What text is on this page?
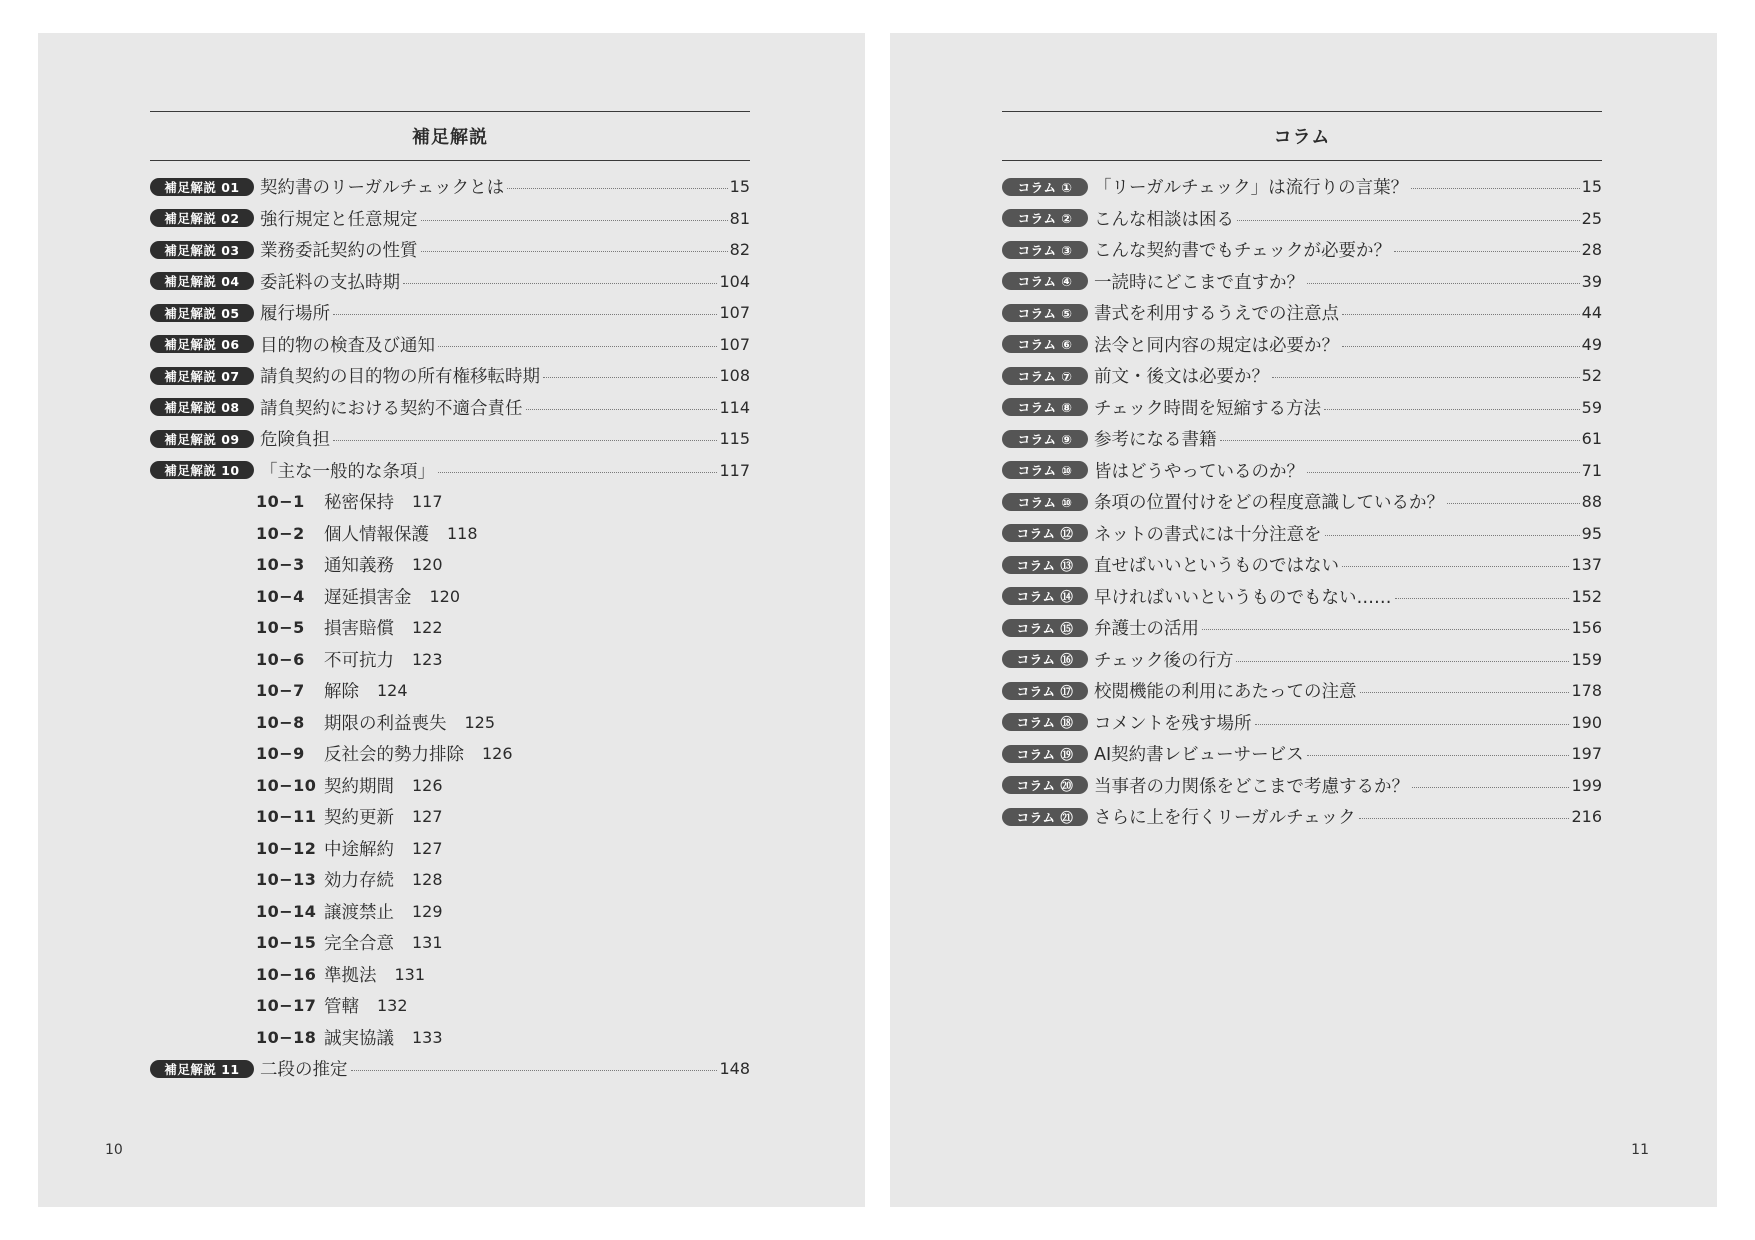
補足解説
補足解説 01	契約書のリーガルチェックとは	15
補足解説 02	強行規定と任意規定	81
補足解説 03	業務委託契約の性質	82
補足解説 04	委託料の支払時期	104
補足解説 05	履行場所	107
補足解説 06	目的物の検査及び通知	107
補足解説 07	請負契約の目的物の所有権移転時期	108
補足解説 08	請負契約における契約不適合責任	114
補足解説 09	危険負担	115
補足解説 10	「主な一般的な条項」	117
10−1	秘密保持 117
10−2	個人情報保護 118
10−3	通知義務 120
10−4	遅延損害金 120
10−5	損害賠償 122
10−6	不可抗力 123
10−7	解除 124
10−8	期限の利益喪失 125
10−9	反社会的勢力排除 126
10−10 契約期間 126
10−11 契約更新 127
10−12 中途解約 127
10−13 効力存続 128
10−14 譲渡禁止 129
10−15 完全合意 131
10−16 準拠法 131
10−17 管轄 132
10−18 誠実協議 133
補足解説 11	二段の推定	148
10
コラム
コラム ①	「リーガルチェック」は流行りの言葉？	15
コラム ②	こんな相談は困る	25
コラム ③	こんな契約書でもチェックが必要か？	28
コラム ④	一読時にどこまで直すか？	39
コラム ⑤	書式を利用するうえでの注意点	44
コラム ⑥	法令と同内容の規定は必要か？	49
コラム ⑦	前文・後文は必要か？	52
コラム ⑧	チェック時間を短縮する方法	59
コラム ⑨	参考になる書籍	61
コラム ⑩	皆はどうやっているのか？	71
コラム ⑩	条項の位置付けをどの程度意識しているか？	88
コラム ⑫	ネットの書式には十分注意を	95
コラム ⑬	直せばいいというものではない	137
コラム ⑭	早ければいいというものでもない……	152
コラム ⑮	弁護士の活用	156
コラム ⑯	チェック後の行方	159
コラム ⑰	校閲機能の利用にあたっての注意	178
コラム ⑱	コメントを残す場所	190
コラム ⑲	AI契約書レビューサービス	197
コラム ⑳	当事者の力関係をどこまで考慮するか？	199
コラム ㉑	さらに上を行くリーガルチェック	216
11
